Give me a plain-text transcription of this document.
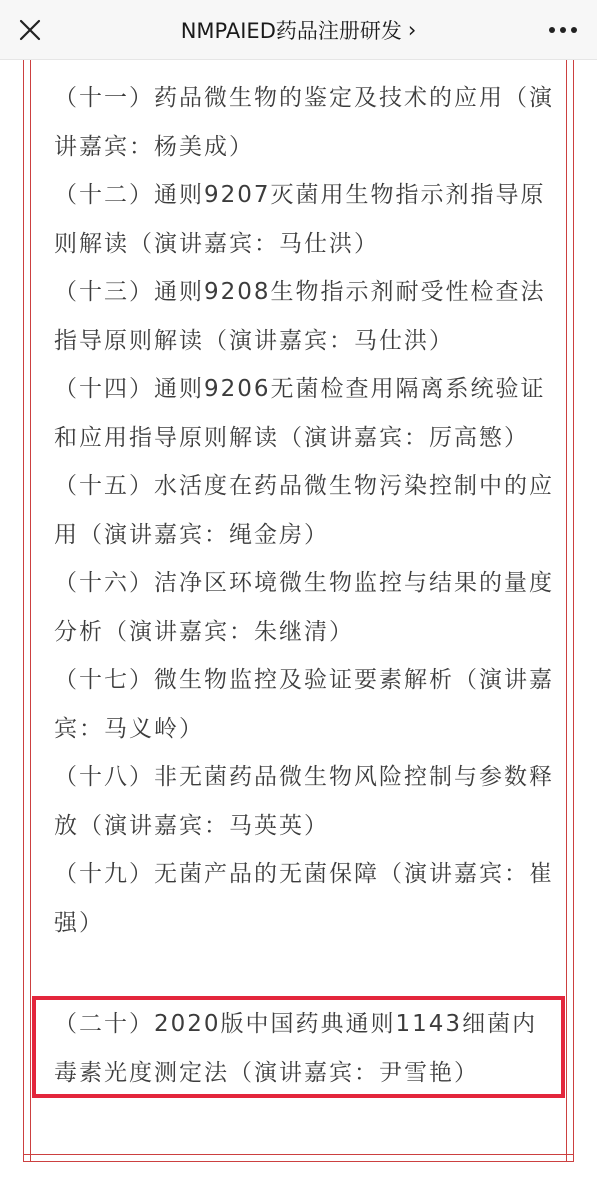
NMPAIED药品注册研发 ›

（十一）药品微生物的鉴定及技术的应用（演讲嘉宾：杨美成）

（十二）通则9207灭菌用生物指示剂指导原则解读（演讲嘉宾：马仕洪）

（十三）通则9208生物指示剂耐受性检查法指导原则解读（演讲嘉宾：马仕洪）

（十四）通则9206无菌检查用隔离系统验证和应用指导原则解读（演讲嘉宾：厉高慜）

（十五）水活度在药品微生物污染控制中的应用（演讲嘉宾：绳金房）

（十六）洁净区环境微生物监控与结果的量度分析（演讲嘉宾：朱继清）

（十七）微生物监控及验证要素解析（演讲嘉宾：马义岭）

（十八）非无菌药品微生物风险控制与参数释放（演讲嘉宾：马英英）

（十九）无菌产品的无菌保障（演讲嘉宾：崔强）

（二十）2020版中国药典通则1143细菌内毒素光度测定法（演讲嘉宾：尹雪艳）
